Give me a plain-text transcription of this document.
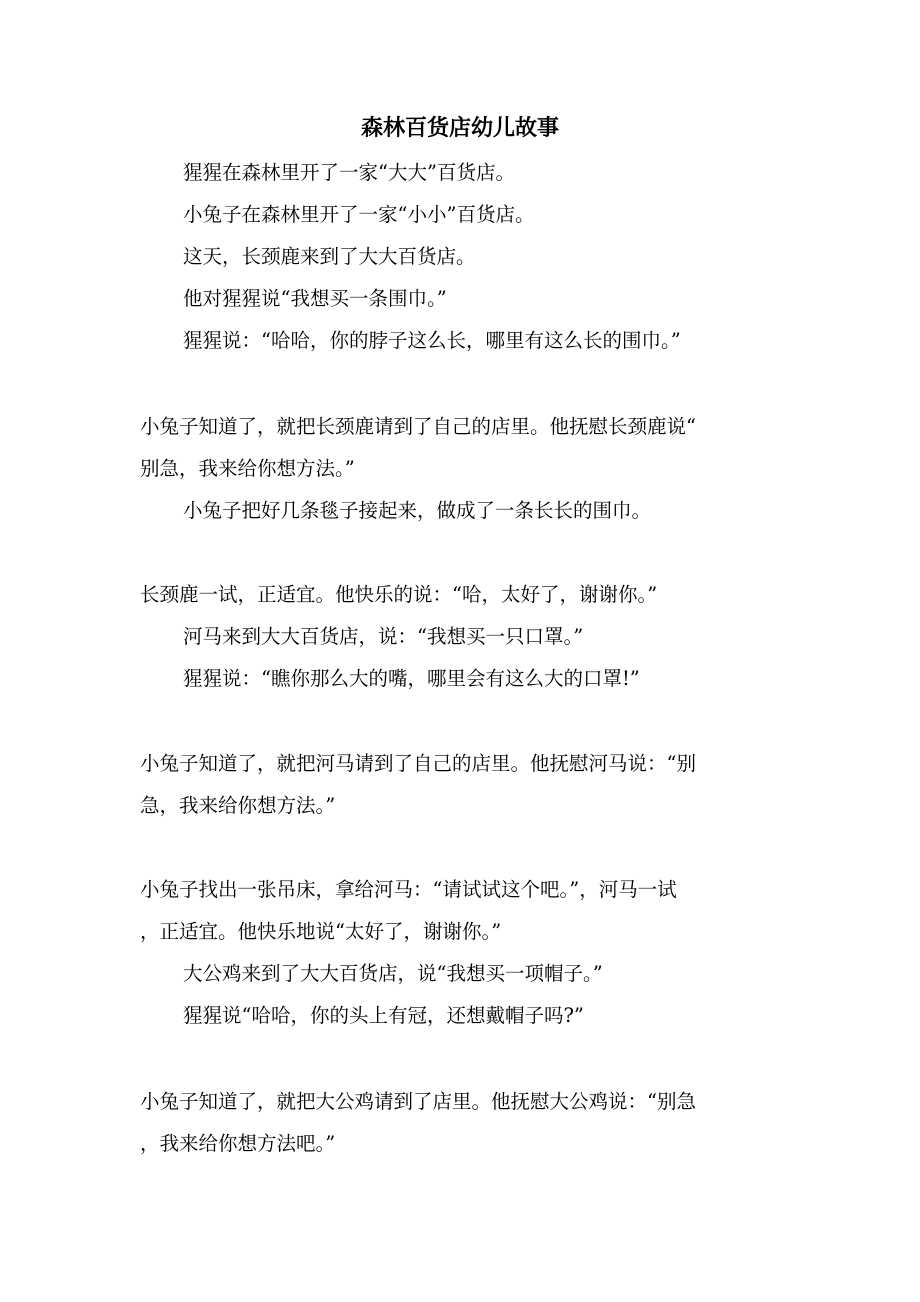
森林百货店幼儿故事
猩猩在森林里开了一家“大大”百货店。
小兔子在森林里开了一家“小小”百货店。
这天，长颈鹿来到了大大百货店。
他对猩猩说“我想买一条围巾。”
猩猩说：“哈哈，你的脖子这么长，哪里有这么长的围巾。”
小兔子知道了，就把长颈鹿请到了自己的店里。他抚慰长颈鹿说“
别急，我来给你想方法。”
小兔子把好几条毯子接起来，做成了一条长长的围巾。
长颈鹿一试，正适宜。他快乐的说：“哈，太好了，谢谢你。”
河马来到大大百货店，说：“我想买一只口罩。”
猩猩说：“瞧你那么大的嘴，哪里会有这么大的口罩!”
小兔子知道了，就把河马请到了自己的店里。他抚慰河马说：“别
急，我来给你想方法。”
小兔子找出一张吊床，拿给河马：“请试试这个吧。”，河马一试
，正适宜。他快乐地说“太好了，谢谢你。”
大公鸡来到了大大百货店，说“我想买一项帽子。”
猩猩说“哈哈，你的头上有冠，还想戴帽子吗?”
小兔子知道了，就把大公鸡请到了店里。他抚慰大公鸡说：“别急
，我来给你想方法吧。”
